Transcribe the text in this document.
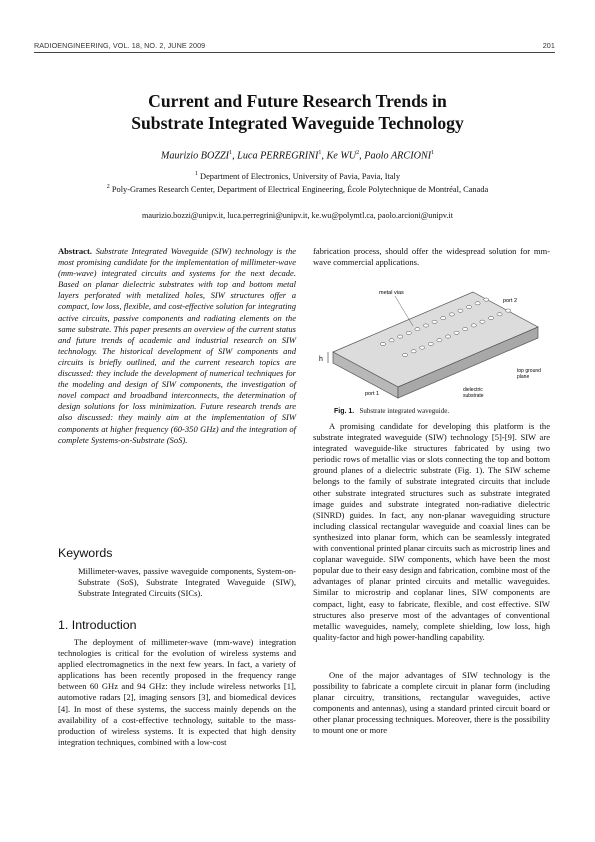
RADIOENGINEERING, VOL. 18, NO. 2, JUNE 2009	201
Current and Future Research Trends in
Substrate Integrated Waveguide Technology
Maurizio BOZZI$^1$, Luca PERREGRINI$^1$, Ke $WU^2$, Paolo ARCIONI$^1$
$^1$ Department of Electronics, University of Pavia, Pavia, Italy
$^2$ Poly-Grames Research Center, Department of Electrical Engineering, École Polytechnique de Montréal, Canada
maurizio.bozzi@unipv.it, luca.perregrini@unipv.it, ke.wu@polymtl.ca, paolo.arcioni@unipv.it
Abstract. Substrate Integrated Waveguide (SIW) technology is the most promising candidate for the implementation of millimeter-wave (mm-wave) integrated circuits and systems for the next decade. Based on planar dielectric substrates with top and bottom metal layers perforated with metalized holes, SIW structures offer a compact, low loss, flexible, and cost-effective solution for integrating active circuits, passive components and radiating elements on the same substrate. This paper presents an overview of the current status and future trends of academic and industrial research on SIW technology. The historical development of SIW components and circuits is briefly outlined, and the current research topics are discussed: they include the development of numerical techniques for the modeling and design of SIW components, the investigation of novel compact and broadband interconnects, the determination of design solutions for loss minimization. Future research trends are also discussed: they mainly aim at the implementation of SIW components at higher frequency (60-350 GHz) and the integration of complete Systems-on-Substrate (SoS).
Keywords
Millimeter-waves, passive waveguide components, System-on-Substrate (SoS), Substrate Integrated Waveguide (SIW), Substrate Integrated Circuits (SICs).
1. Introduction

The deployment of millimeter-wave (mm-wave) integration technologies is critical for the evolution of wireless systems and applied electromagnetics in the next few years. In fact, a variety of applications has been recently proposed in the frequency range between 60 GHz and 94 GHz: they include wireless networks [1], automotive radars [2], imaging sensors [3], and biomedical devices [4]. In most of these systems, the success mainly depends on the availability of a cost-effective technology, suitable to the mass-production of wireless systems. It is expected that high density integration techniques, combined with a low-cost

fabrication process, should offer the widespread solution for mm-wave commercial applications.

h
metal vias
port 2
port 1
dielectric
substrate
top ground
plane
Fig. 1. Substrate integrated waveguide.

A promising candidate for developing this platform is the substrate integrated waveguide (SIW) technology [5]-[9]. SIW are integrated waveguide-like structures fabricated by using two periodic rows of metallic vias or slots connecting the top and bottom ground planes of a dielectric substrate (Fig. 1). The SIW scheme belongs to the family of substrate integrated circuits that include other substrate integrated structures such as substrate integrated image guides and substrate integrated non-radiative dielectric (SINRD) guides. In fact, any non-planar waveguiding structure including classical rectangular waveguide and coaxial lines can be synthesized into planar form, which can be seamlessly integrated with conventional printed planar circuits such as microstrip lines and coplanar waveguide. SIW components, which have been the most popular due to their easy design and fabrication, combine most of the advantages of planar printed circuits and metallic waveguides. Similar to microstrip and coplanar lines, SIW components are compact, light, easy to fabricate, flexible, and cost effective. SIW structures also preserve most of the advantages of conventional metallic waveguides, namely, complete shielding, low loss, high quality-factor and high power-handling capability.

One of the major advantages of SIW technology is the possibility to fabricate a complete circuit in planar form (including planar circuitry, transitions, rectangular waveguides, active components and antennas), using a standard printed circuit board or other planar processing techniques. Moreover, there is the possibility to mount one or more
